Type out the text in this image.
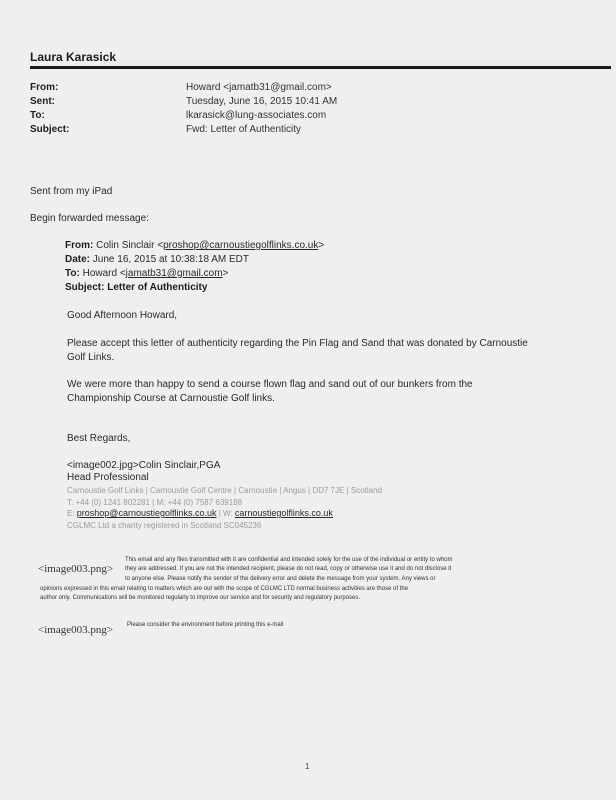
Laura Karasick
From:	Howard <jamatb31@gmail.com>
Sent:	Tuesday, June 16, 2015 10:41 AM
To:	lkarasick@lung-associates.com
Subject:	Fwd: Letter of Authenticity
Sent from my iPad
Begin forwarded message:
From: Colin Sinclair <proshop@carnoustiegolflinks.co.uk>
Date: June 16, 2015 at 10:38:18 AM EDT
To: Howard <jamatb31@gmail.com>
Subject: Letter of Authenticity
Good Afternoon Howard,
Please accept this letter of authenticity regarding the Pin Flag and Sand that was donated by Carnoustie
Golf Links.
We were more than happy to send a course flown flag and sand out of our bunkers from the
Championship Course at Carnoustie Golf links.
Best Regards,
<image002.jpg>Colin Sinclair,PGA
Head Professional
Carnoustie Golf Links | Carnoustie Golf Centre | Carnoustie | Angus | DD7 7JE | Scotland
T: +44 (0) 1241 802281 | M: +44 (0) 7587 639188
E: proshop@carnoustiegolflinks.co.uk | W: carnoustiegolflinks.co.uk
CGLMC Ltd a charity registered in Scotland SC045236
<image003.png>
This email and any files transmitted with it are confidential and intended solely for the use of the individual or entity to whom
they are addressed. If you are not the intended recipient, please do not read, copy or otherwise use it and do not disclose it
to anyone else. Please notify the sender of the delivery error and delete the message from your system. Any views or
opinions expressed in this email relating to matters which are out with the scope of CGLMC LTD normal business activities are those of the
author only. Communications will be monitored regularly to improve our service and for security and regulatory purposes.
<image003.png> Please consider the environment before printing this e-mail
1
